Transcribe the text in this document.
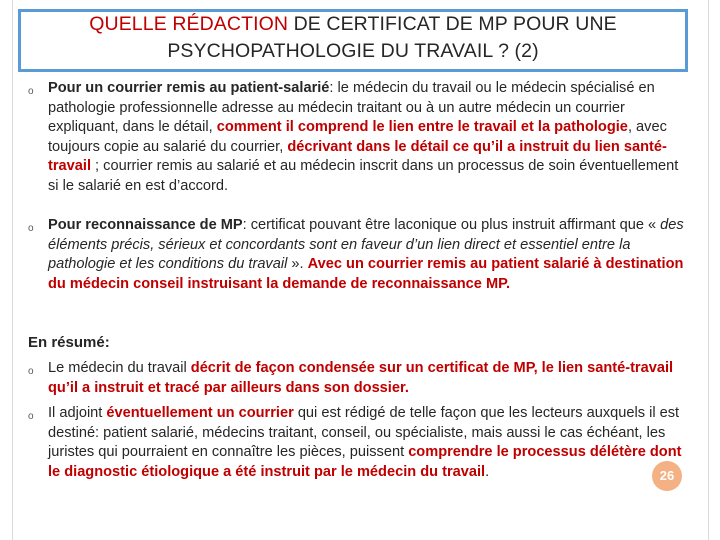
QUELLE RÉDACTION DE CERTIFICAT DE MP POUR UNE
PSYCHOPATHOLOGIE DU TRAVAIL ? (2)
o Pour un courrier remis au patient-salarié: le médecin du travail ou le médecin spécialisé en pathologie professionnelle adresse au médecin traitant ou à un autre médecin un courrier expliquant, dans le détail, comment il comprend le lien entre le travail et la pathologie, avec toujours copie au salarié du courrier, décrivant dans le détail ce qu’il a instruit du lien santé-travail ; courrier remis au salarié et au médecin inscrit dans un processus de soin éventuellement si le salarié en est d’accord.
o Pour reconnaissance de MP: certificat pouvant être laconique ou plus instruit affirmant que « des éléments précis, sérieux et concordants sont en faveur d’un lien direct et essentiel entre la pathologie et les conditions du travail ». Avec un courrier remis au patient salarié à destination du médecin conseil instruisant la demande de reconnaissance MP.
En résumé:
o Le médecin du travail décrit de façon condensée sur un certificat de MP, le lien santé-travail qu’il a instruit et tracé par ailleurs dans son dossier.
o Il adjoint éventuellement un courrier qui est rédigé de telle façon que les lecteurs auxquels il est destiné: patient salarié, médecins traitant, conseil, ou spécialiste, mais aussi le cas échéant, les juristes qui pourraient en connaître les pièces, puissent comprendre le processus délétère dont le diagnostic étiologique a été instruit par le médecin du travail.	26
